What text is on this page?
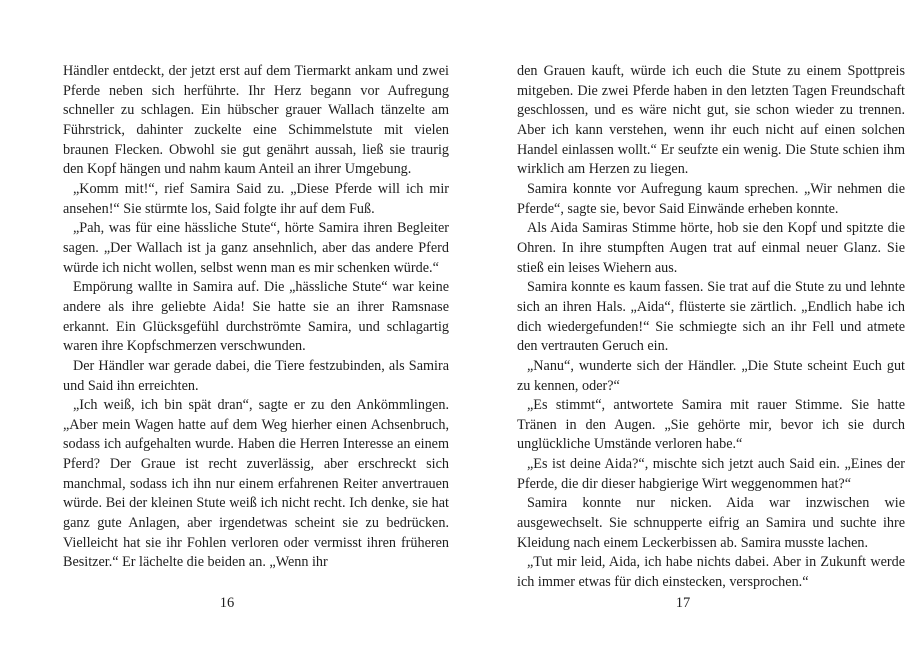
Händler entdeckt, der jetzt erst auf dem Tiermarkt ankam und zwei Pferde neben sich herführte. Ihr Herz begann vor Aufregung schneller zu schlagen. Ein hübscher grauer Wallach tänzelte am Führstrick, dahinter zuckelte eine Schimmelstute mit vielen braunen Flecken. Obwohl sie gut genährt aussah, ließ sie traurig den Kopf hängen und nahm kaum Anteil an ihrer Umgebung.

„Komm mit!“, rief Samira Said zu. „Diese Pferde will ich mir ansehen!“ Sie stürmte los, Said folgte ihr auf dem Fuß.

„Pah, was für eine hässliche Stute“, hörte Samira ihren Begleiter sagen. „Der Wallach ist ja ganz ansehnlich, aber das andere Pferd würde ich nicht wollen, selbst wenn man es mir schenken würde.“

Empörung wallte in Samira auf. Die „hässliche Stute“ war keine andere als ihre geliebte Aida! Sie hatte sie an ihrer Ramsnase erkannt. Ein Glücksgefühl durchströmte Samira, und schlagartig waren ihre Kopfschmerzen verschwunden.

Der Händler war gerade dabei, die Tiere festzubinden, als Samira und Said ihn erreichten.

„Ich weiß, ich bin spät dran“, sagte er zu den Ankömmlingen. „Aber mein Wagen hatte auf dem Weg hierher einen Achsenbruch, sodass ich aufgehalten wurde. Haben die Herren Interesse an einem Pferd? Der Graue ist recht zuverlässig, aber erschreckt sich manchmal, sodass ich ihn nur einem erfahrenen Reiter anvertrauen würde. Bei der kleinen Stute weiß ich nicht recht. Ich denke, sie hat ganz gute Anlagen, aber irgendetwas scheint sie zu bedrücken. Vielleicht hat sie ihr Fohlen verloren oder vermisst ihren früheren Besitzer.“ Er lächelte die beiden an. „Wenn ihr

den Grauen kauft, würde ich euch die Stute zu einem Spottpreis mitgeben. Die zwei Pferde haben in den letzten Tagen Freundschaft geschlossen, und es wäre nicht gut, sie schon wieder zu trennen. Aber ich kann verstehen, wenn ihr euch nicht auf einen solchen Handel einlassen wollt.“ Er seufzte ein wenig. Die Stute schien ihm wirklich am Herzen zu liegen.

Samira konnte vor Aufregung kaum sprechen. „Wir nehmen die Pferde“, sagte sie, bevor Said Einwände erheben konnte.

Als Aida Samiras Stimme hörte, hob sie den Kopf und spitzte die Ohren. In ihre stumpften Augen trat auf einmal neuer Glanz. Sie stieß ein leises Wiehern aus.

Samira konnte es kaum fassen. Sie trat auf die Stute zu und lehnte sich an ihren Hals. „Aida“, flüsterte sie zärtlich. „Endlich habe ich dich wiedergefunden!“ Sie schmiegte sich an ihr Fell und atmete den vertrauten Geruch ein.

„Nanu“, wunderte sich der Händler. „Die Stute scheint Euch gut zu kennen, oder?“

„Es stimmt“, antwortete Samira mit rauer Stimme. Sie hatte Tränen in den Augen. „Sie gehörte mir, bevor ich sie durch unglückliche Umstände verloren habe.“

„Es ist deine Aida?“, mischte sich jetzt auch Said ein. „Eines der Pferde, die dir dieser habgierige Wirt weggenommen hat?“

Samira konnte nur nicken. Aida war inzwischen wie ausgewechselt. Sie schnupperte eifrig an Samira und suchte ihre Kleidung nach einem Leckerbissen ab. Samira musste lachen.

„Tut mir leid, Aida, ich habe nichts dabei. Aber in Zukunft werde ich immer etwas für dich einstecken, versprochen.“

16	17
